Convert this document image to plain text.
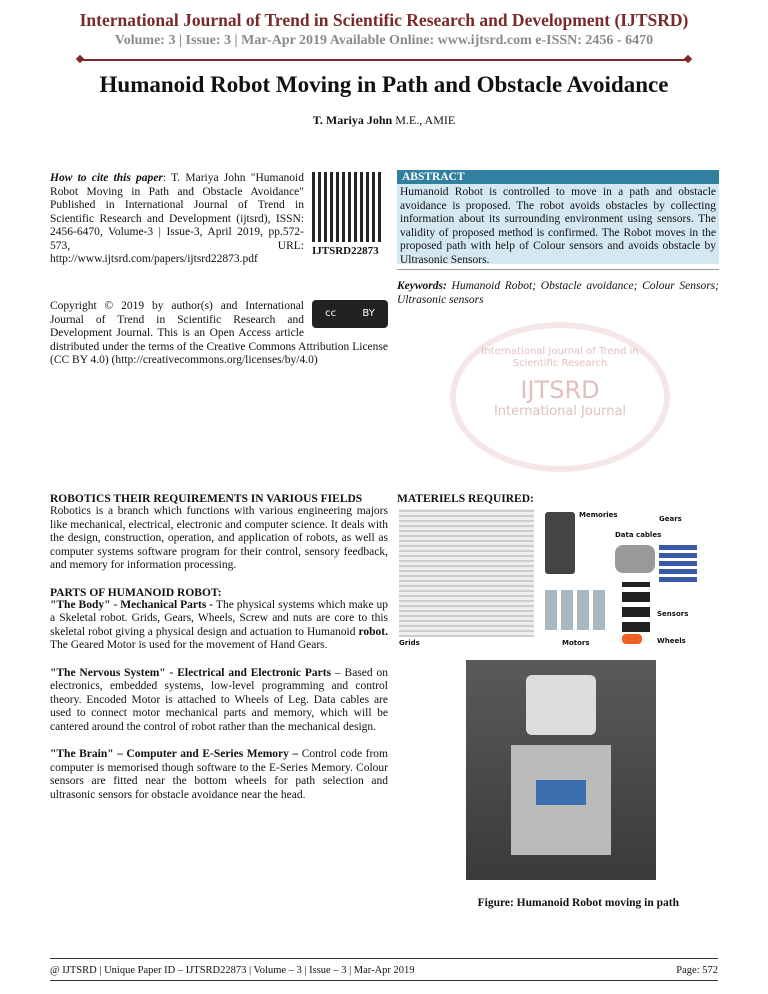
International Journal of Trend in Scientific Research and Development (IJTSRD)
Volume: 3 | Issue: 3 | Mar-Apr 2019 Available Online: www.ijtsrd.com e-ISSN: 2456 - 6470
Humanoid Robot Moving in Path and Obstacle Avoidance
T. Mariya John M.E., AMIE
International Journal of Trend in Scientific Research
IJTSRD
International Journal
IJTSRD22873
How to cite this paper: T. Mariya John "Humanoid Robot Moving in Path and Obstacle Avoidance" Published in International Journal of Trend in Scientific Research and Development (ijtsrd), ISSN: 2456-6470, Volume-3 | Issue-3, April 2019, pp.572-573, URL: http://www.ijtsrd.com/papers/ijtsrd22873.pdf
cc	BY
Copyright © 2019 by author(s) and International Journal of Trend in Scientific Research and Development Journal. This is an Open Access article distributed under the terms of the Creative Commons Attribution License (CC BY 4.0) (http://creativecommons.org/licenses/by/4.0)
ABSTRACT

Humanoid Robot is controlled to move in a path and obstacle avoidance is proposed. The robot avoids obstacles by collecting information about its surrounding environment using sensors. The validity of proposed method is confirmed. The Robot moves in the proposed path with help of Colour sensors and avoids obstacle by Ultrasonic Sensors.

Keywords: Humanoid Robot; Obstacle avoidance; Colour Sensors; Ultrasonic sensors

ROBOTICS THEIR REQUIREMENTS IN VARIOUS FIELDS

Robotics is a branch which functions with various engineering majors like mechanical, electrical, electronic and computer science. It deals with the design, construction, operation, and application of robots, as well as computer systems software program for their control, sensory feedback, and memory for information processing.

PARTS OF HUMANOID ROBOT:

"The Body" - Mechanical Parts - The physical systems which make up a Skeletal robot. Grids, Gears, Wheels, Screw and nuts are core to this skeletal robot giving a physical design and actuation to Humanoid robot. The Geared Motor is used for the movement of Hand Gears.

"The Nervous System" - Electrical and Electronic Parts – Based on electronics, embedded systems, low-level programming and control theory. Encoded Motor is attached to Wheels of Leg. Data cables are used to connect motor mechanical parts and memory, which will be cantered around the control of robot rather than the mechanical design.

"The Brain" – Computer and E-Series Memory – Control code from computer is memorised though software to the E-Series Memory. Colour sensors are fitted near the bottom wheels for path selection and ultrasonic sensors for obstacle avoidance near the head.

MATERIELS REQUIRED:
Memories	Gears
Data cables
Sensors
Grids	Motors	Wheels
Figure: Humanoid Robot moving in path
@ IJTSRD | Unique Paper ID – IJTSRD22873 | Volume – 3 | Issue – 3 | Mar-Apr 2019	Page: 572
